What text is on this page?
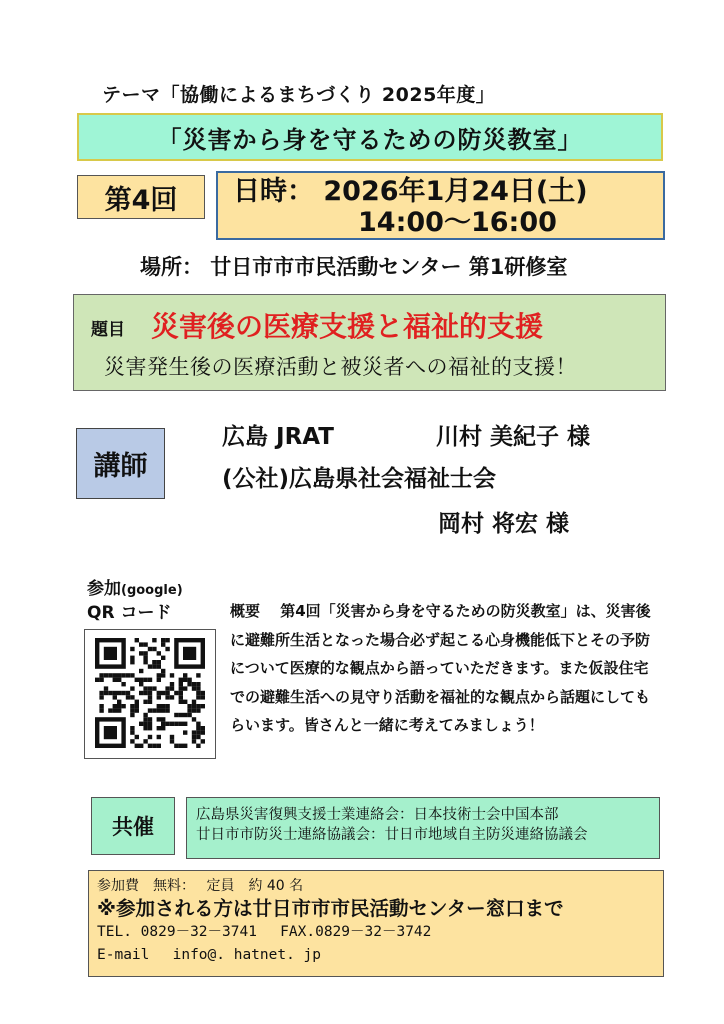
テーマ「協働によるまちづくり 2025年度」
「災害から身を守るための防災教室」
第4回 日時： 2026年1月24日(土)
14:00〜16:00
場所： 廿日市市市民活動センター 第1研修室
題目 災害後の医療支援と福祉的支援
災害発生後の医療活動と被災者への福祉的支援！
講師
広島 JRAT	川村 美紀子 様
(公社)広島県社会福祉士会
岡村 将宏 様
参加(google)
QR コード	概要　 第4回「災害から身を守るための防災教室」は、災害後に避難所生活となった場合必ず起こる心身機能低下とその予防について医療的な観点から語っていただきます。また仮設住宅での避難生活への見守り活動を福祉的な観点から話題にしてもらいます。皆さんと一緒に考えてみましょう！
共催	広島県災害復興支援士業連絡会：日本技術士会中国本部
廿日市市防災士連絡協議会：廿日市地域自主防災連絡協議会
参加費　無料：　 定員　約 40 名
※参加される方は廿日市市市民活動センター窓口まで
TEL. 0829－32－3741　 FAX.0829－32－3742
E-mail　 info@. hatnet. jp
